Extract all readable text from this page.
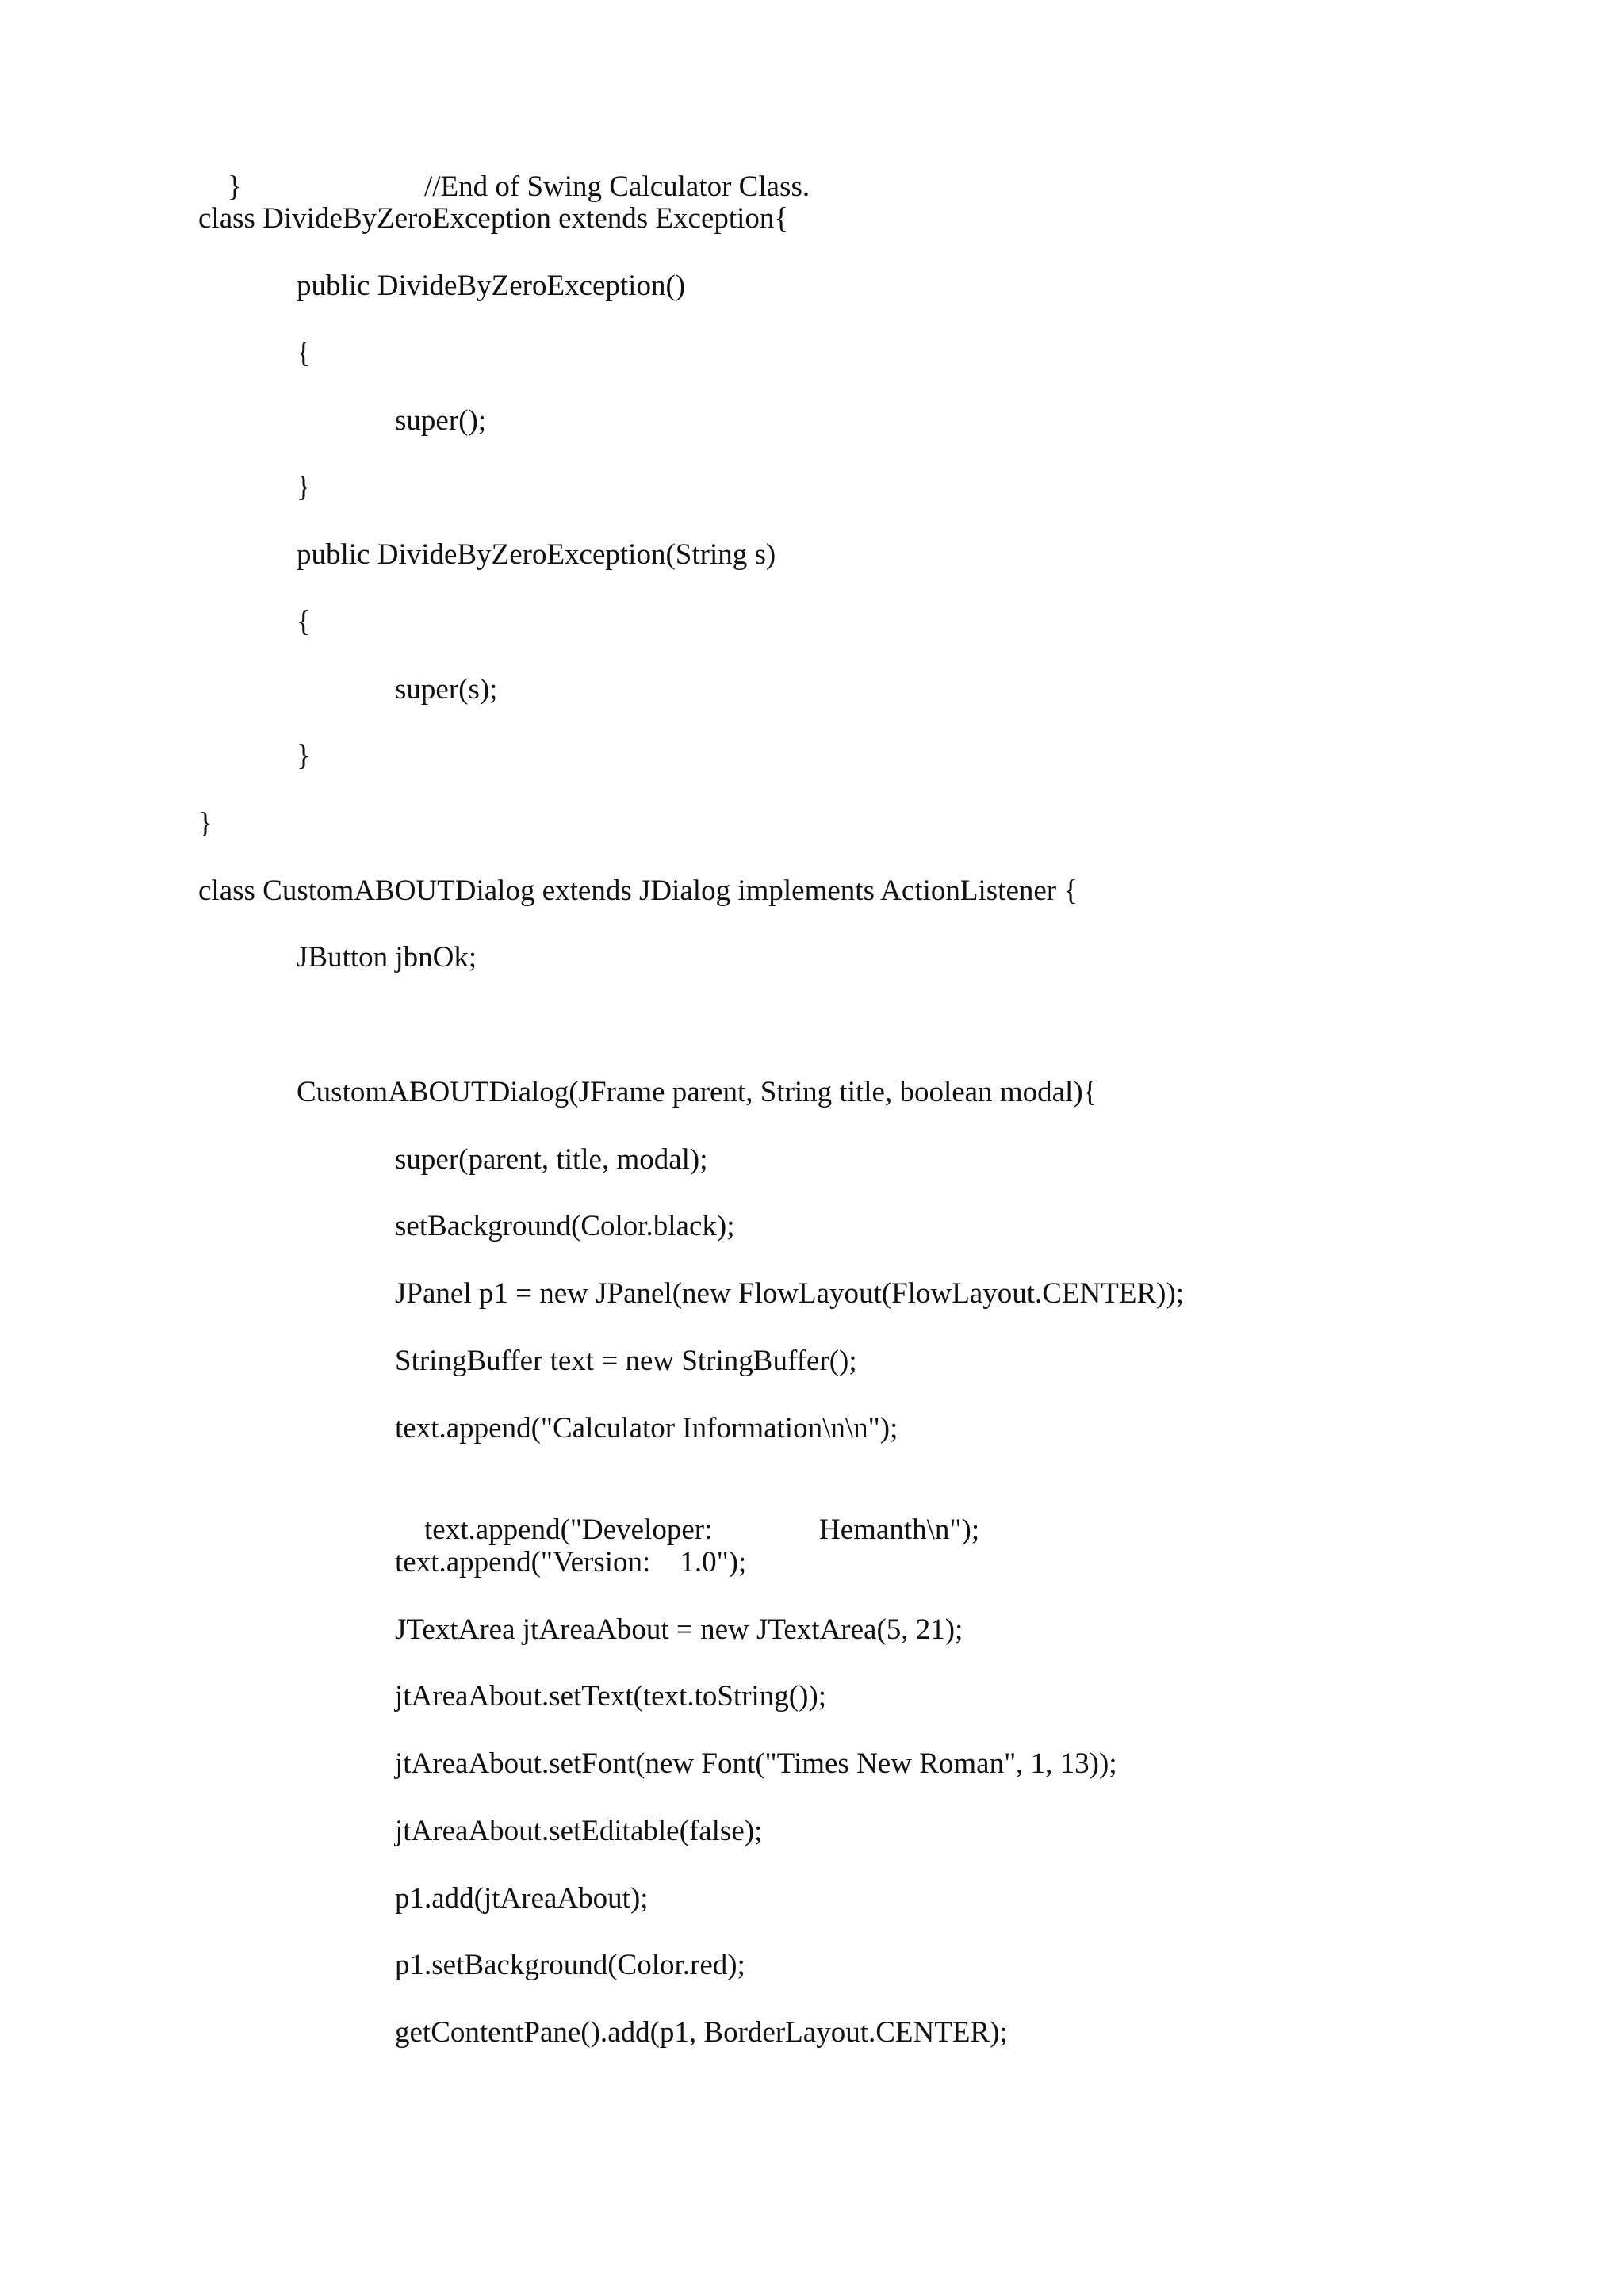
}
	//End of Swing Calculator Class.

class DivideByZeroException extends Exception{
public DivideByZeroException()
{
super();
}
public DivideByZeroException(String s)
{
super(s);
}
}
class CustomABOUTDialog extends JDialog implements ActionListener {
JButton jbnOk;
CustomABOUTDialog(JFrame parent, String title, boolean modal){
super(parent, title, modal);
setBackground(Color.black);
JPanel p1 = new JPanel(new FlowLayout(FlowLayout.CENTER));
StringBuffer text = new StringBuffer();
text.append("Calculator Information\n\n");

text.append("Developer:
	Hemanth\n");

text.append("Version:    1.0");
JTextArea jtAreaAbout = new JTextArea(5, 21);
jtAreaAbout.setText(text.toString());
jtAreaAbout.setFont(new Font("Times New Roman", 1, 13));
jtAreaAbout.setEditable(false);
p1.add(jtAreaAbout);
p1.setBackground(Color.red);
getContentPane().add(p1, BorderLayout.CENTER);
